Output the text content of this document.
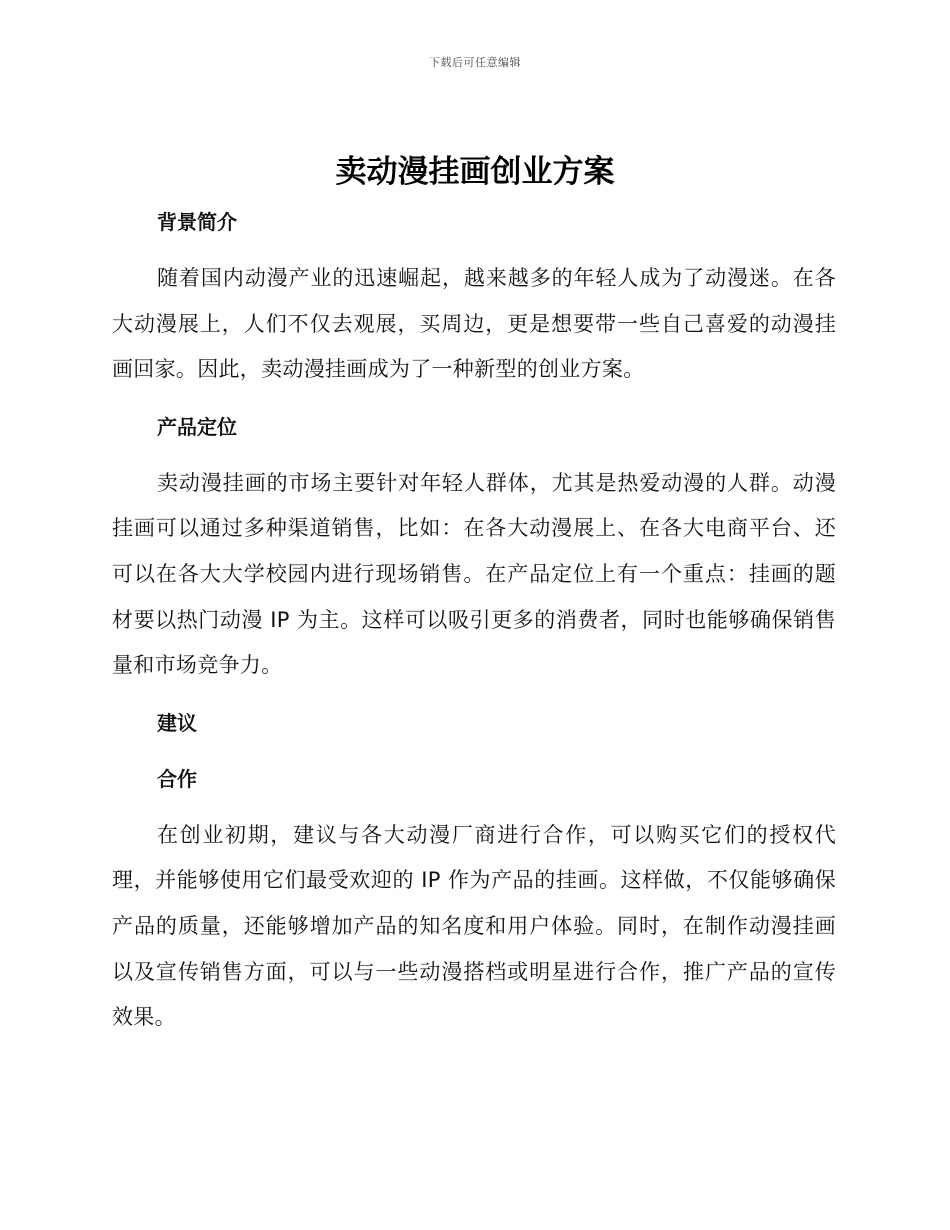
下载后可任意编辑
卖动漫挂画创业方案
背景简介

随着国内动漫产业的迅速崛起，越来越多的年轻人成为了动漫迷。在各大动漫展上，人们不仅去观展，买周边，更是想要带一些自己喜爱的动漫挂画回家。因此，卖动漫挂画成为了一种新型的创业方案。

产品定位

卖动漫挂画的市场主要针对年轻人群体，尤其是热爱动漫的人群。动漫挂画可以通过多种渠道销售，比如：在各大动漫展上、在各大电商平台、还可以在各大大学校园内进行现场销售。在产品定位上有一个重点：挂画的题材要以热门动漫 IP 为主。这样可以吸引更多的消费者，同时也能够确保销售量和市场竞争力。

建议
合作

在创业初期，建议与各大动漫厂商进行合作，可以购买它们的授权代理，并能够使用它们最受欢迎的 IP 作为产品的挂画。这样做，不仅能够确保产品的质量，还能够增加产品的知名度和用户体验。同时，在制作动漫挂画以及宣传销售方面，可以与一些动漫搭档或明星进行合作，推广产品的宣传效果。
